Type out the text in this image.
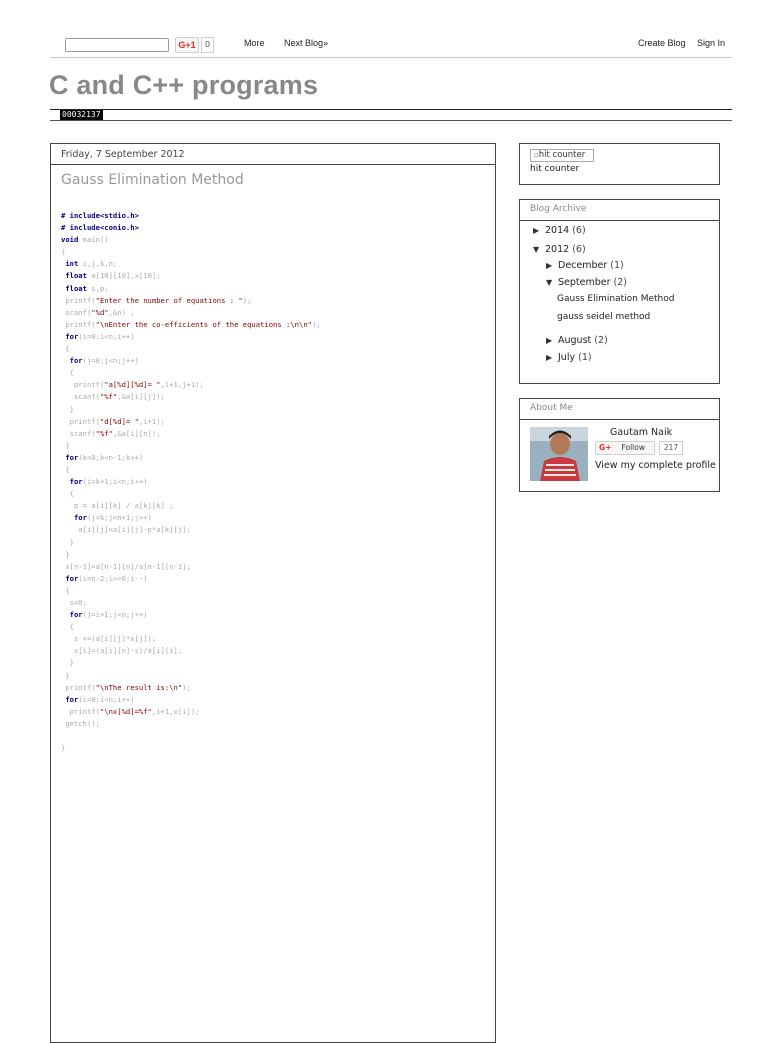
G+1	0	More Next Blog»	Create Blog Sign In
C and C++ programs
00032137
Friday, 7 September 2012
Gauss Elimination Method
# include<stdio.h>
# include<conio.h>
void main()
{
int i,j,k,n;
float a[10][10],x[10];
float s,p;
printf("Enter the number of equations : ");
scanf("%d",&n) ;
printf("\nEnter the co-efficients of the equations :\n\n");
for(i=0;i<n;i++)
{
for(j=0;j<n;j++)
{
printf("a[%d][%d]= ",i+1,j+1);
scanf("%f",&a[i][j]);
}
printf("d[%d]= ",i+1);
scanf("%f",&a[i][n]);
}
for(k=0;k<n-1;k++)
{
for(i=k+1;i<n;i++)
{
p = a[i][k] / a[k][k] ;
for(j=k;j<n+1;j++)
a[i][j]=a[i][j]-p*a[k][j];
}
}
x[n-1]=a[n-1][n]/a[n-1][n-1];
for(i=n-2;i>=0;i--)
{
s=0;
for(j=i+1;j<n;j++)
{
s +=(a[i][j]*x[j]);
x[i]=(a[i][n]-s)/a[i][i];
}
}
printf("\nThe result is:\n");
for(i=0;i<n;i++)
printf("\nx[%d]=%f",i+1,x[i]);
getch();

}
▫hit counter
hit counter
Blog Archive
▶ 2014 (6)
▼ 2012 (6)
▶ December (1)
▼ September (2)
Gauss Elimination Method
gauss seidel method
▶ August (2)
▶ July (1)
About Me
Gautam Naik
G+ Follow	217
View my complete profile
